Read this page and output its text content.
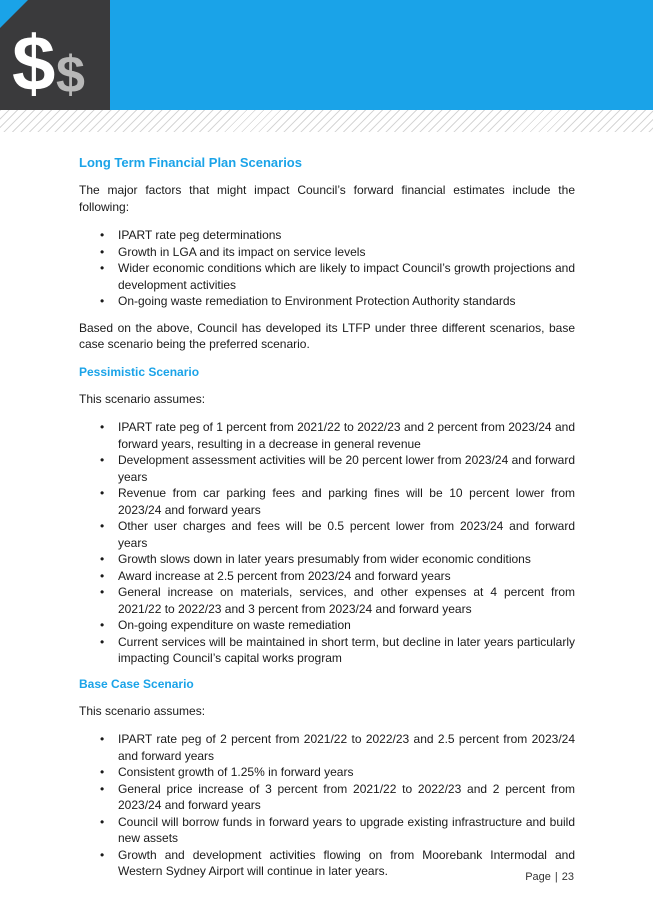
$ $
Long Term Financial Plan Scenarios

The major factors that might impact Council’s forward financial estimates include the following:

• IPART rate peg determinations
• Growth in LGA and its impact on service levels
• Wider economic conditions which are likely to impact Council’s growth projections and development activities
• On-going waste remediation to Environment Protection Authority standards

Based on the above, Council has developed its LTFP under three different scenarios, base case scenario being the preferred scenario.

Pessimistic Scenario

This scenario assumes:

• IPART rate peg of 1 percent from 2021/22 to 2022/23 and 2 percent from 2023/24 and forward years, resulting in a decrease in general revenue
• Development assessment activities will be 20 percent lower from 2023/24 and forward years
• Revenue from car parking fees and parking fines will be 10 percent lower from 2023/24 and forward years
• Other user charges and fees will be 0.5 percent lower from 2023/24 and forward years
• Growth slows down in later years presumably from wider economic conditions
• Award increase at 2.5 percent from 2023/24 and forward years
• General increase on materials, services, and other expenses at 4 percent from 2021/22 to 2022/23 and 3 percent from 2023/24 and forward years
• On-going expenditure on waste remediation
• Current services will be maintained in short term, but decline in later years particularly impacting Council’s capital works program
Base Case Scenario

This scenario assumes:

• IPART rate peg of 2 percent from 2021/22 to 2022/23 and 2.5 percent from 2023/24 and forward years
• Consistent growth of 1.25% in forward years
• General price increase of 3 percent from 2021/22 to 2022/23 and 2 percent from 2023/24 and forward years
• Council will borrow funds in forward years to upgrade existing infrastructure and build new assets
• Growth and development activities flowing on from Moorebank Intermodal and Western Sydney Airport will continue in later years.	Page | 23
